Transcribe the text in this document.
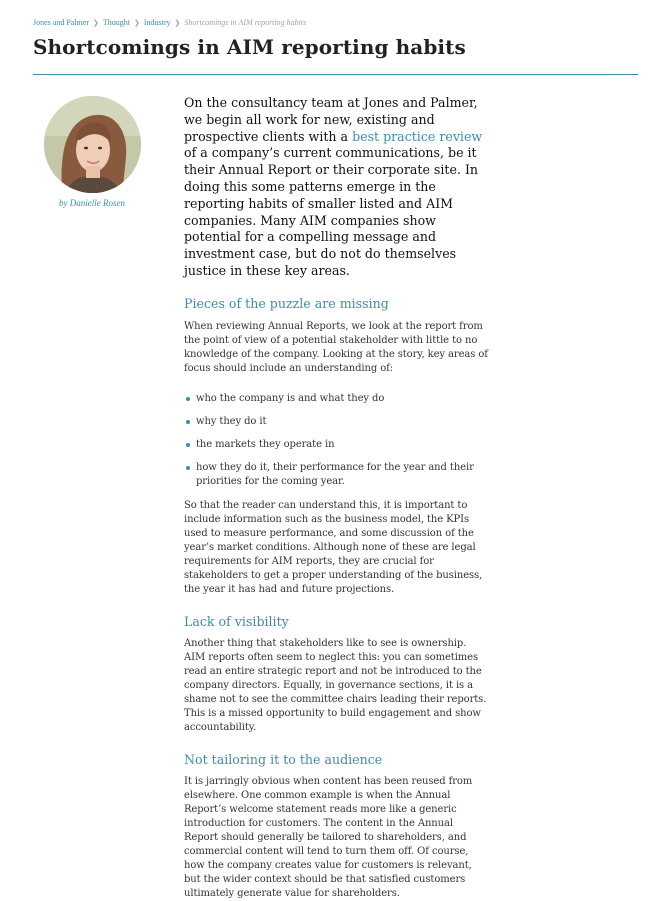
Jones and Palmer ❯ Thought ❯ Industry ❯ Shortcomings in AIM reporting habits
Shortcomings in AIM reporting habits
by Danielle Rosen

On the consultancy team at Jones and Palmer, we begin all work for new, existing and prospective clients with a best practice review of a company’s current communications, be it their Annual Report or their corporate site. In doing this some patterns emerge in the reporting habits of smaller listed and AIM companies. Many AIM companies show potential for a compelling message and investment case, but do not do themselves justice in these key areas.

Pieces of the puzzle are missing

When reviewing Annual Reports, we look at the report from the point of view of a potential stakeholder with little to no knowledge of the company. Looking at the story, key areas of focus should include an understanding of:

who the company is and what they do
why they do it
the markets they operate in
how they do it, their performance for the year and their priorities for the coming year.

So that the reader can understand this, it is important to include information such as the business model, the KPIs used to measure performance, and some discussion of the year’s market conditions. Although none of these are legal requirements for AIM reports, they are crucial for stakeholders to get a proper understanding of the business, the year it has had and future projections.

Lack of visibility

Another thing that stakeholders like to see is ownership. AIM reports often seem to neglect this: you can sometimes read an entire strategic report and not be introduced to the company directors. Equally, in governance sections, it is a shame not to see the committee chairs leading their reports. This is a missed opportunity to build engagement and show accountability.

Not tailoring it to the audience

It is jarringly obvious when content has been reused from elsewhere. One common example is when the Annual Report’s welcome statement reads more like a generic introduction for customers. The content in the Annual Report should generally be tailored to shareholders, and commercial content will tend to turn them off. Of course, how the company creates value for customers is relevant, but the wider context should be that satisfied customers ultimately generate value for shareholders.
